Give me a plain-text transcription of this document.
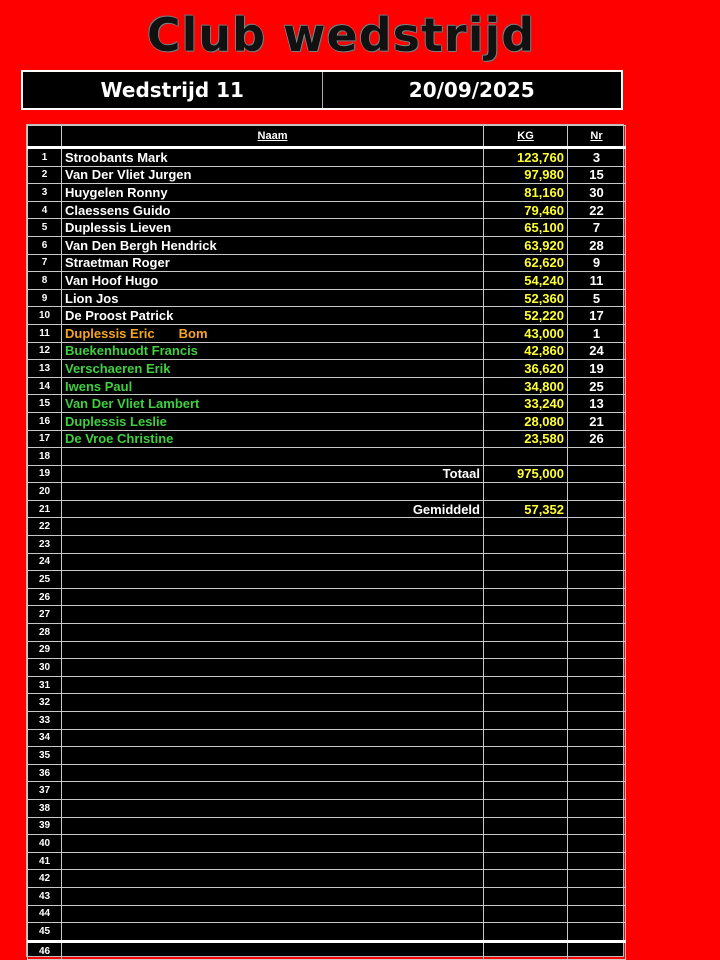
Club wedstrijd
Wedstrijd 11	20/09/2025
	Naam	KG	Nr
1	Stroobants Mark	123,760	3
2	Van Der Vliet Jurgen	97,980	15
3	Huygelen Ronny	81,160	30
4	Claessens Guido	79,460	22
5	Duplessis Lieven	65,100	7
6	Van Den Bergh Hendrick	63,920	28
7	Straetman Roger	62,620	9
8	Van Hoof Hugo	54,240	11
9	Lion Jos	52,360	5
10	De Proost Patrick	52,220	17
11	Duplessis Eric Bom	43,000	1
12	Buekenhuodt Francis	42,860	24
13	Verschaeren Erik	36,620	19
14	Iwens Paul	34,800	25
15	Van Der Vliet Lambert	33,240	13
16	Duplessis Leslie	28,080	21
17	De Vroe Christine	23,580	26
18			
19	Totaal	975,000	
20			
21	Gemiddeld	57,352	
22			
23			
24			
25			
26			
27			
28			
29			
30			
31			
32			
33			
34			
35			
36			
37			
38			
39			
40			
41			
42			
43			
44			
45			
46			
